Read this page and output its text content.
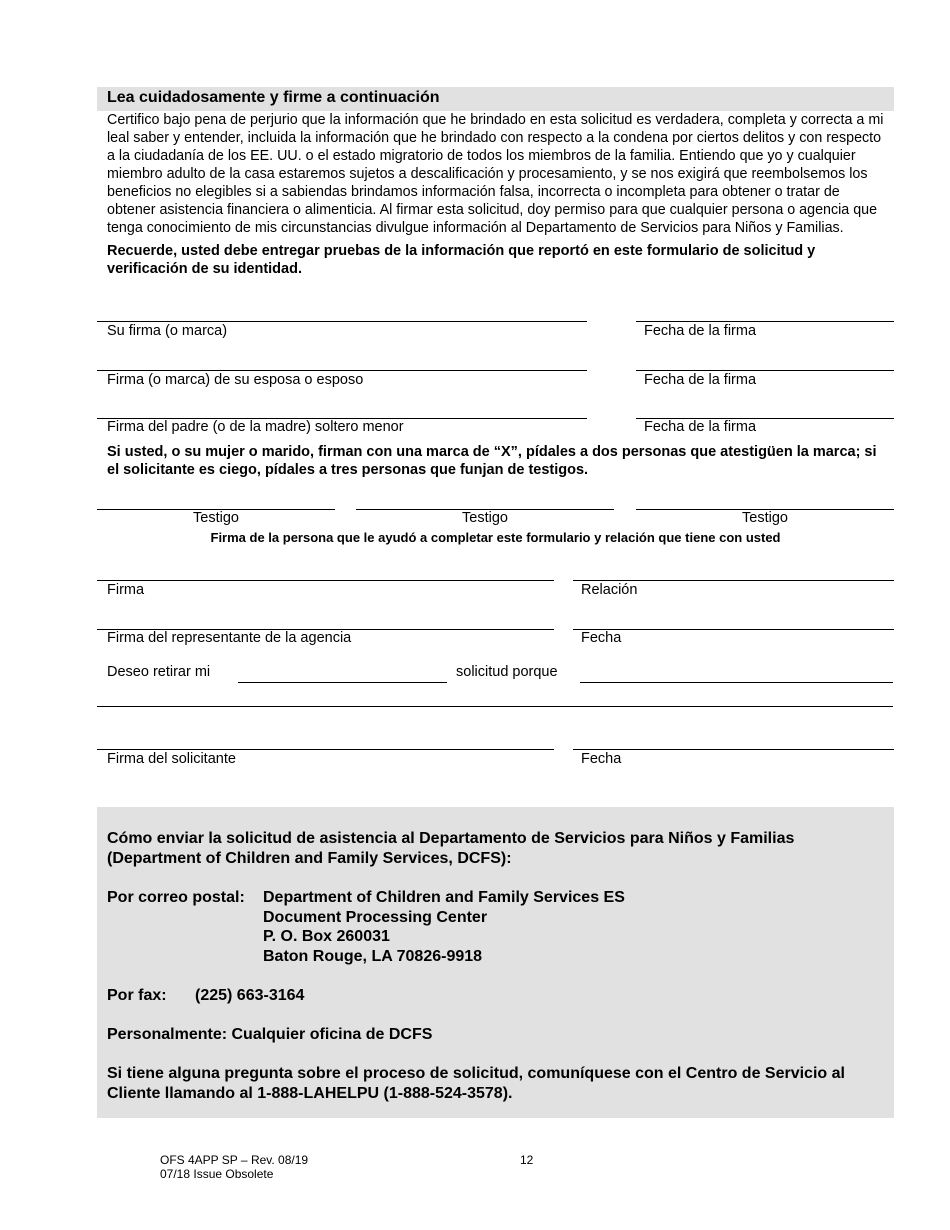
Lea cuidadosamente y firme a continuación
Certifico bajo pena de perjurio que la información que he brindado en esta solicitud es verdadera, completa y correcta a mi leal saber y entender, incluida la información que he brindado con respecto a la condena por ciertos delitos y con respecto a la ciudadanía de los EE. UU. o el estado migratorio de todos los miembros de la familia. Entiendo que yo y cualquier miembro adulto de la casa estaremos sujetos a descalificación y procesamiento, y se nos exigirá que reembolsemos los beneficios no elegibles si a sabiendas brindamos información falsa, incorrecta o incompleta para obtener o tratar de obtener asistencia financiera o alimenticia. Al firmar esta solicitud, doy permiso para que cualquier persona o agencia que tenga conocimiento de mis circunstancias divulgue información al Departamento de Servicios para Niños y Familias.
Recuerde, usted debe entregar pruebas de la información que reportó en este formulario de solicitud y verificación de su identidad.
Su firma (o marca)	Fecha de la firma
Firma (o marca) de su esposa o esposo	Fecha de la firma
Firma del padre (o de la madre) soltero menor	Fecha de la firma
Si usted, o su mujer o marido, firman con una marca de “X”, pídales a dos personas que atestigüen la marca; si el solicitante es ciego, pídales a tres personas que funjan de testigos.
Testigo	Testigo	Testigo
Firma de la persona que le ayudó a completar este formulario y relación que tiene con usted
Firma	Relación
Firma del representante de la agencia	Fecha
Deseo retirar mi	solicitud porque
Firma del solicitante	Fecha
Cómo enviar la solicitud de asistencia al Departamento de Servicios para Niños y Familias (Department of Children and Family Services, DCFS):
Por correo postal: Department of Children and Family Services ES
Document Processing Center
P. O. Box 260031
Baton Rouge, LA 70826-9918
Por fax: (225) 663-3164
Personalmente: Cualquier oficina de DCFS
Si tiene alguna pregunta sobre el proceso de solicitud, comuníquese con el Centro de Servicio al Cliente llamando al 1-888-LAHELPU (1-888-524-3578).
OFS 4APP SP – Rev. 08/19
07/18 Issue Obsolete
12
